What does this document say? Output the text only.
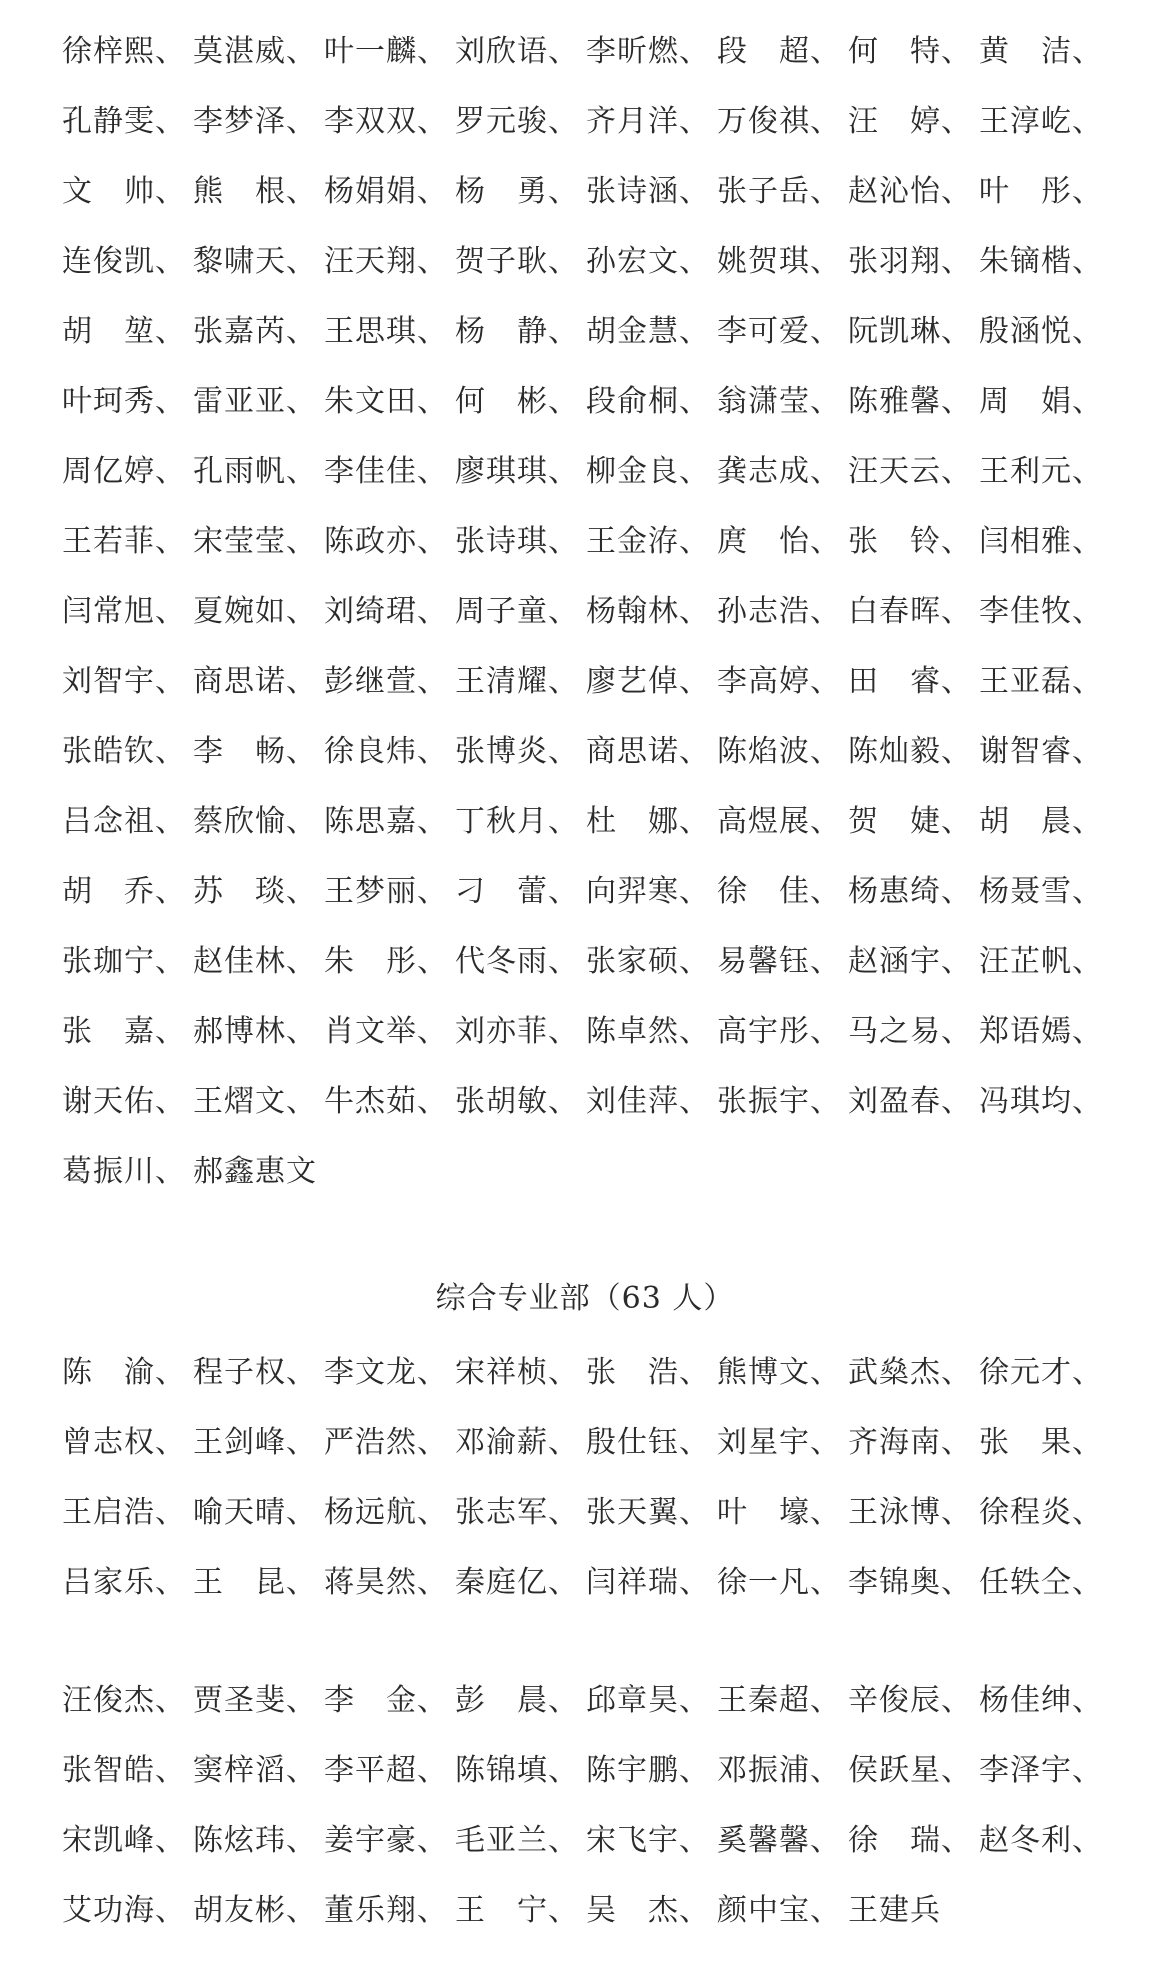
徐梓熙、 莫湛威、 叶一麟、 刘欣语、 李昕燃、 段　超、 何　特、 黄　洁、
孔静雯、 李梦泽、 李双双、 罗元骏、 齐月洋、 万俊祺、 汪　婷、 王淳屹、
文　帅、 熊　根、 杨娟娟、 杨　勇、 张诗涵、 张子岳、 赵沁怡、 叶　彤、
连俊凯、 黎啸天、 汪天翔、 贺子耿、 孙宏文、 姚贺琪、 张羽翔、 朱镝楷、
胡　堃、 张嘉芮、 王思琪、 杨　静、 胡金慧、 李可爱、 阮凯琳、 殷涵悦、
叶珂秀、 雷亚亚、 朱文田、 何　彬、 段俞桐、 翁潇莹、 陈雅馨、 周　娟、
周亿婷、 孔雨帆、 李佳佳、 廖琪琪、 柳金良、 龚志成、 汪天云、 王利元、
王若菲、 宋莹莹、 陈政亦、 张诗琪、 王金洊、 庹　怡、 张　铃、 闫相雅、
闫常旭、 夏婉如、 刘绮珺、 周子童、 杨翰林、 孙志浩、 白春晖、 李佳牧、
刘智宇、 商思诺、 彭继萱、 王清耀、 廖艺倬、 李高婷、 田　睿、 王亚磊、
张皓钦、 李　畅、 徐良炜、 张博炎、 商思诺、 陈焰波、 陈灿毅、 谢智睿、
吕念祖、 蔡欣愉、 陈思嘉、 丁秋月、 杜　娜、 高煜展、 贺　婕、 胡　晨、
胡　乔、 苏　琰、 王梦丽、 刁　蕾、 向羿寒、 徐　佳、 杨惠绮、 杨聂雪、
张珈宁、 赵佳林、 朱　彤、 代冬雨、 张家硕、 易馨钰、 赵涵宇、 汪芷帆、
张　嘉、 郝博林、 肖文举、 刘亦菲、 陈卓然、 高宇彤、 马之易、 郑语嫣、
谢天佑、 王熠文、 牛杰茹、 张胡敏、 刘佳萍、 张振宇、 刘盈春、 冯琪均、
葛振川、 郝鑫惠文
综合专业部（63 人）
陈　渝、 程子权、 李文龙、 宋祥桢、 张　浩、 熊博文、 武燊杰、 徐元才、
曾志权、 王剑峰、 严浩然、 邓渝薪、 殷仕钰、 刘星宇、 齐海南、 张　果、
王启浩、 喻天晴、 杨远航、 张志军、 张天翼、 叶　壕、 王泳博、 徐程炎、
吕家乐、 王　昆、 蒋昊然、 秦庭亿、 闫祥瑞、 徐一凡、 李锦奥、 任轶仝、
汪俊杰、 贾圣斐、 李　金、 彭　晨、 邱章昊、 王秦超、 辛俊辰、 杨佳绅、
张智皓、 窦梓滔、 李平超、 陈锦填、 陈宇鹏、 邓振浦、 侯跃星、 李泽宇、
宋凯峰、 陈炫玮、 姜宇豪、 毛亚兰、 宋飞宇、 奚馨馨、 徐　瑞、 赵冬利、
艾功海、 胡友彬、 董乐翔、 王　宁、 吴　杰、 颜中宝、 王建兵
